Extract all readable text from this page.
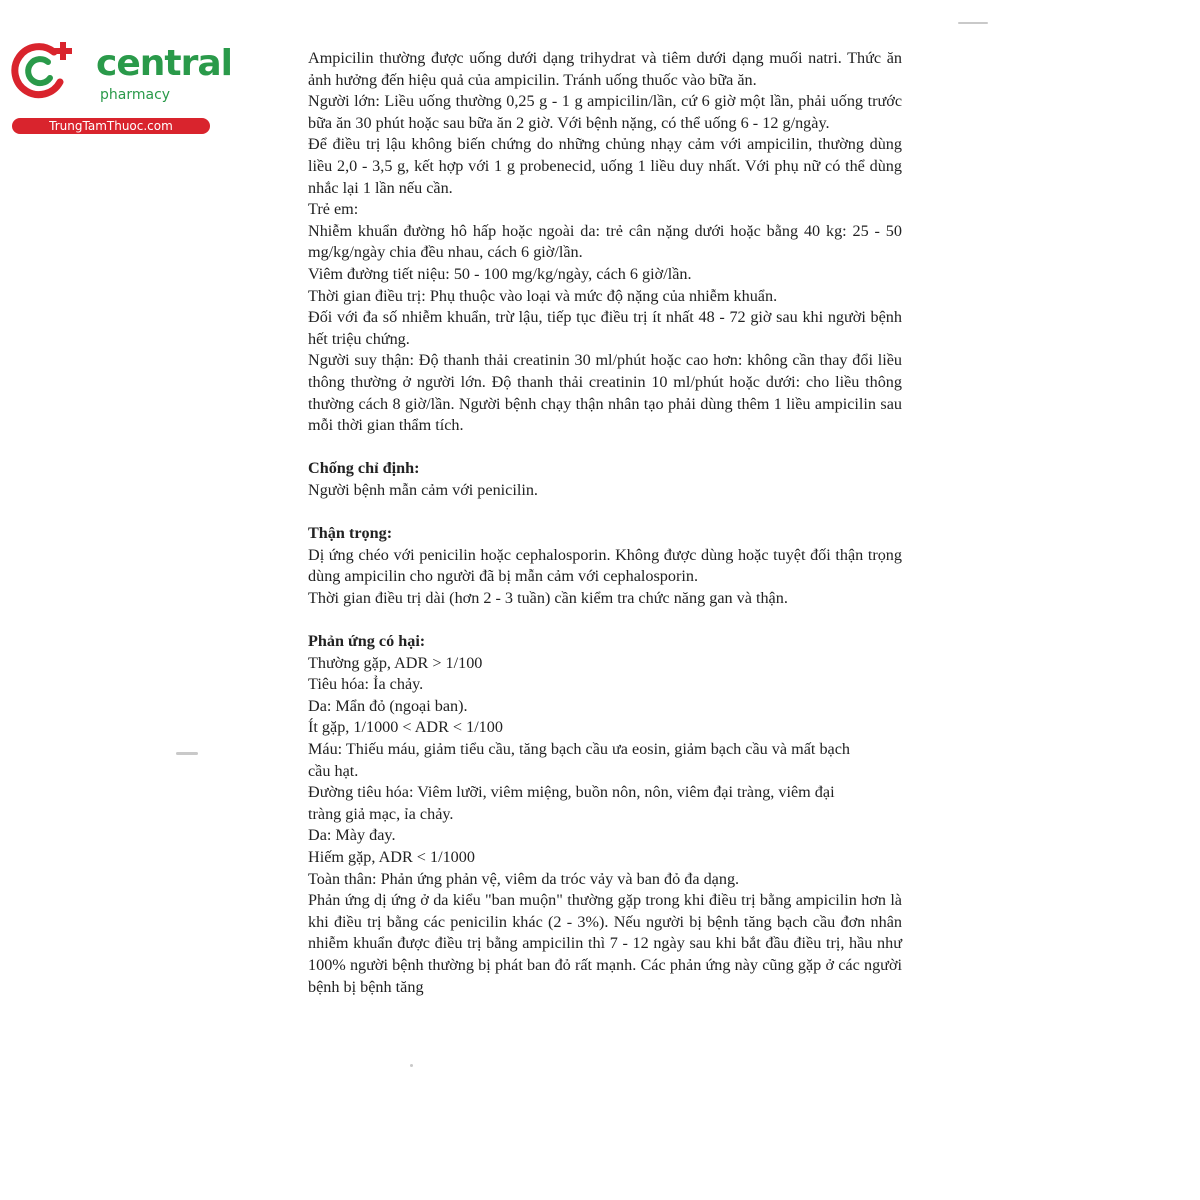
central
pharmacy
TrungTamThuoc.com

Ampicilin thường được uống dưới dạng trihydrat và tiêm dưới dạng muối natri. Thức ăn ảnh hưởng đến hiệu quả của ampicilin. Tránh uống thuốc vào bữa ăn.

Người lớn: Liều uống thường 0,25 g - 1 g ampicilin/lần, cứ 6 giờ một lần, phải uống trước bữa ăn 30 phút hoặc sau bữa ăn 2 giờ. Với bệnh nặng, có thể uống 6 - 12 g/ngày.

Để điều trị lậu không biến chứng do những chủng nhạy cảm với ampicilin, thường dùng liều 2,0 - 3,5 g, kết hợp với 1 g probenecid, uống 1 liều duy nhất. Với phụ nữ có thể dùng nhắc lại 1 lần nếu cần.

Trẻ em:

Nhiễm khuẩn đường hô hấp hoặc ngoài da: trẻ cân nặng dưới hoặc bằng 40 kg: 25 - 50 mg/kg/ngày chia đều nhau, cách 6 giờ/lần.

Viêm đường tiết niệu: 50 - 100 mg/kg/ngày, cách 6 giờ/lần.

Thời gian điều trị: Phụ thuộc vào loại và mức độ nặng của nhiễm khuẩn.

Đối với đa số nhiễm khuẩn, trừ lậu, tiếp tục điều trị ít nhất 48 - 72 giờ sau khi người bệnh hết triệu chứng.

Người suy thận: Độ thanh thải creatinin 30 ml/phút hoặc cao hơn: không cần thay đổi liều thông thường ở người lớn. Độ thanh thải creatinin 10 ml/phút hoặc dưới: cho liều thông thường cách 8 giờ/lần. Người bệnh chạy thận nhân tạo phải dùng thêm 1 liều ampicilin sau mỗi thời gian thẩm tích.

Chống chỉ định:

Người bệnh mẫn cảm với penicilin.

Thận trọng:

Dị ứng chéo với penicilin hoặc cephalosporin. Không được dùng hoặc tuyệt đối thận trọng dùng ampicilin cho người đã bị mẫn cảm với cephalosporin.

Thời gian điều trị dài (hơn 2 - 3 tuần) cần kiểm tra chức năng gan và thận.

Phản ứng có hại:

Thường gặp, ADR > 1/100

Tiêu hóa: Ỉa chảy.

Da: Mẩn đỏ (ngoại ban).

Ít gặp, 1/1000 < ADR < 1/100

Máu: Thiếu máu, giảm tiểu cầu, tăng bạch cầu ưa eosin, giảm bạch cầu và mất bạch cầu hạt.

Đường tiêu hóa: Viêm lưỡi, viêm miệng, buồn nôn, nôn, viêm đại tràng, viêm đại tràng giả mạc, ỉa chảy.

Da: Mày đay.

Hiếm gặp, ADR < 1/1000

Toàn thân: Phản ứng phản vệ, viêm da tróc vảy và ban đỏ đa dạng.

Phản ứng dị ứng ở da kiểu "ban muộn" thường gặp trong khi điều trị bằng ampicilin hơn là khi điều trị bằng các penicilin khác (2 - 3%). Nếu người bị bệnh tăng bạch cầu đơn nhân nhiễm khuẩn được điều trị bằng ampicilin thì 7 - 12 ngày sau khi bắt đầu điều trị, hầu như 100% người bệnh thường bị phát ban đỏ rất mạnh. Các phản ứng này cũng gặp ở các người bệnh bị bệnh tăng
